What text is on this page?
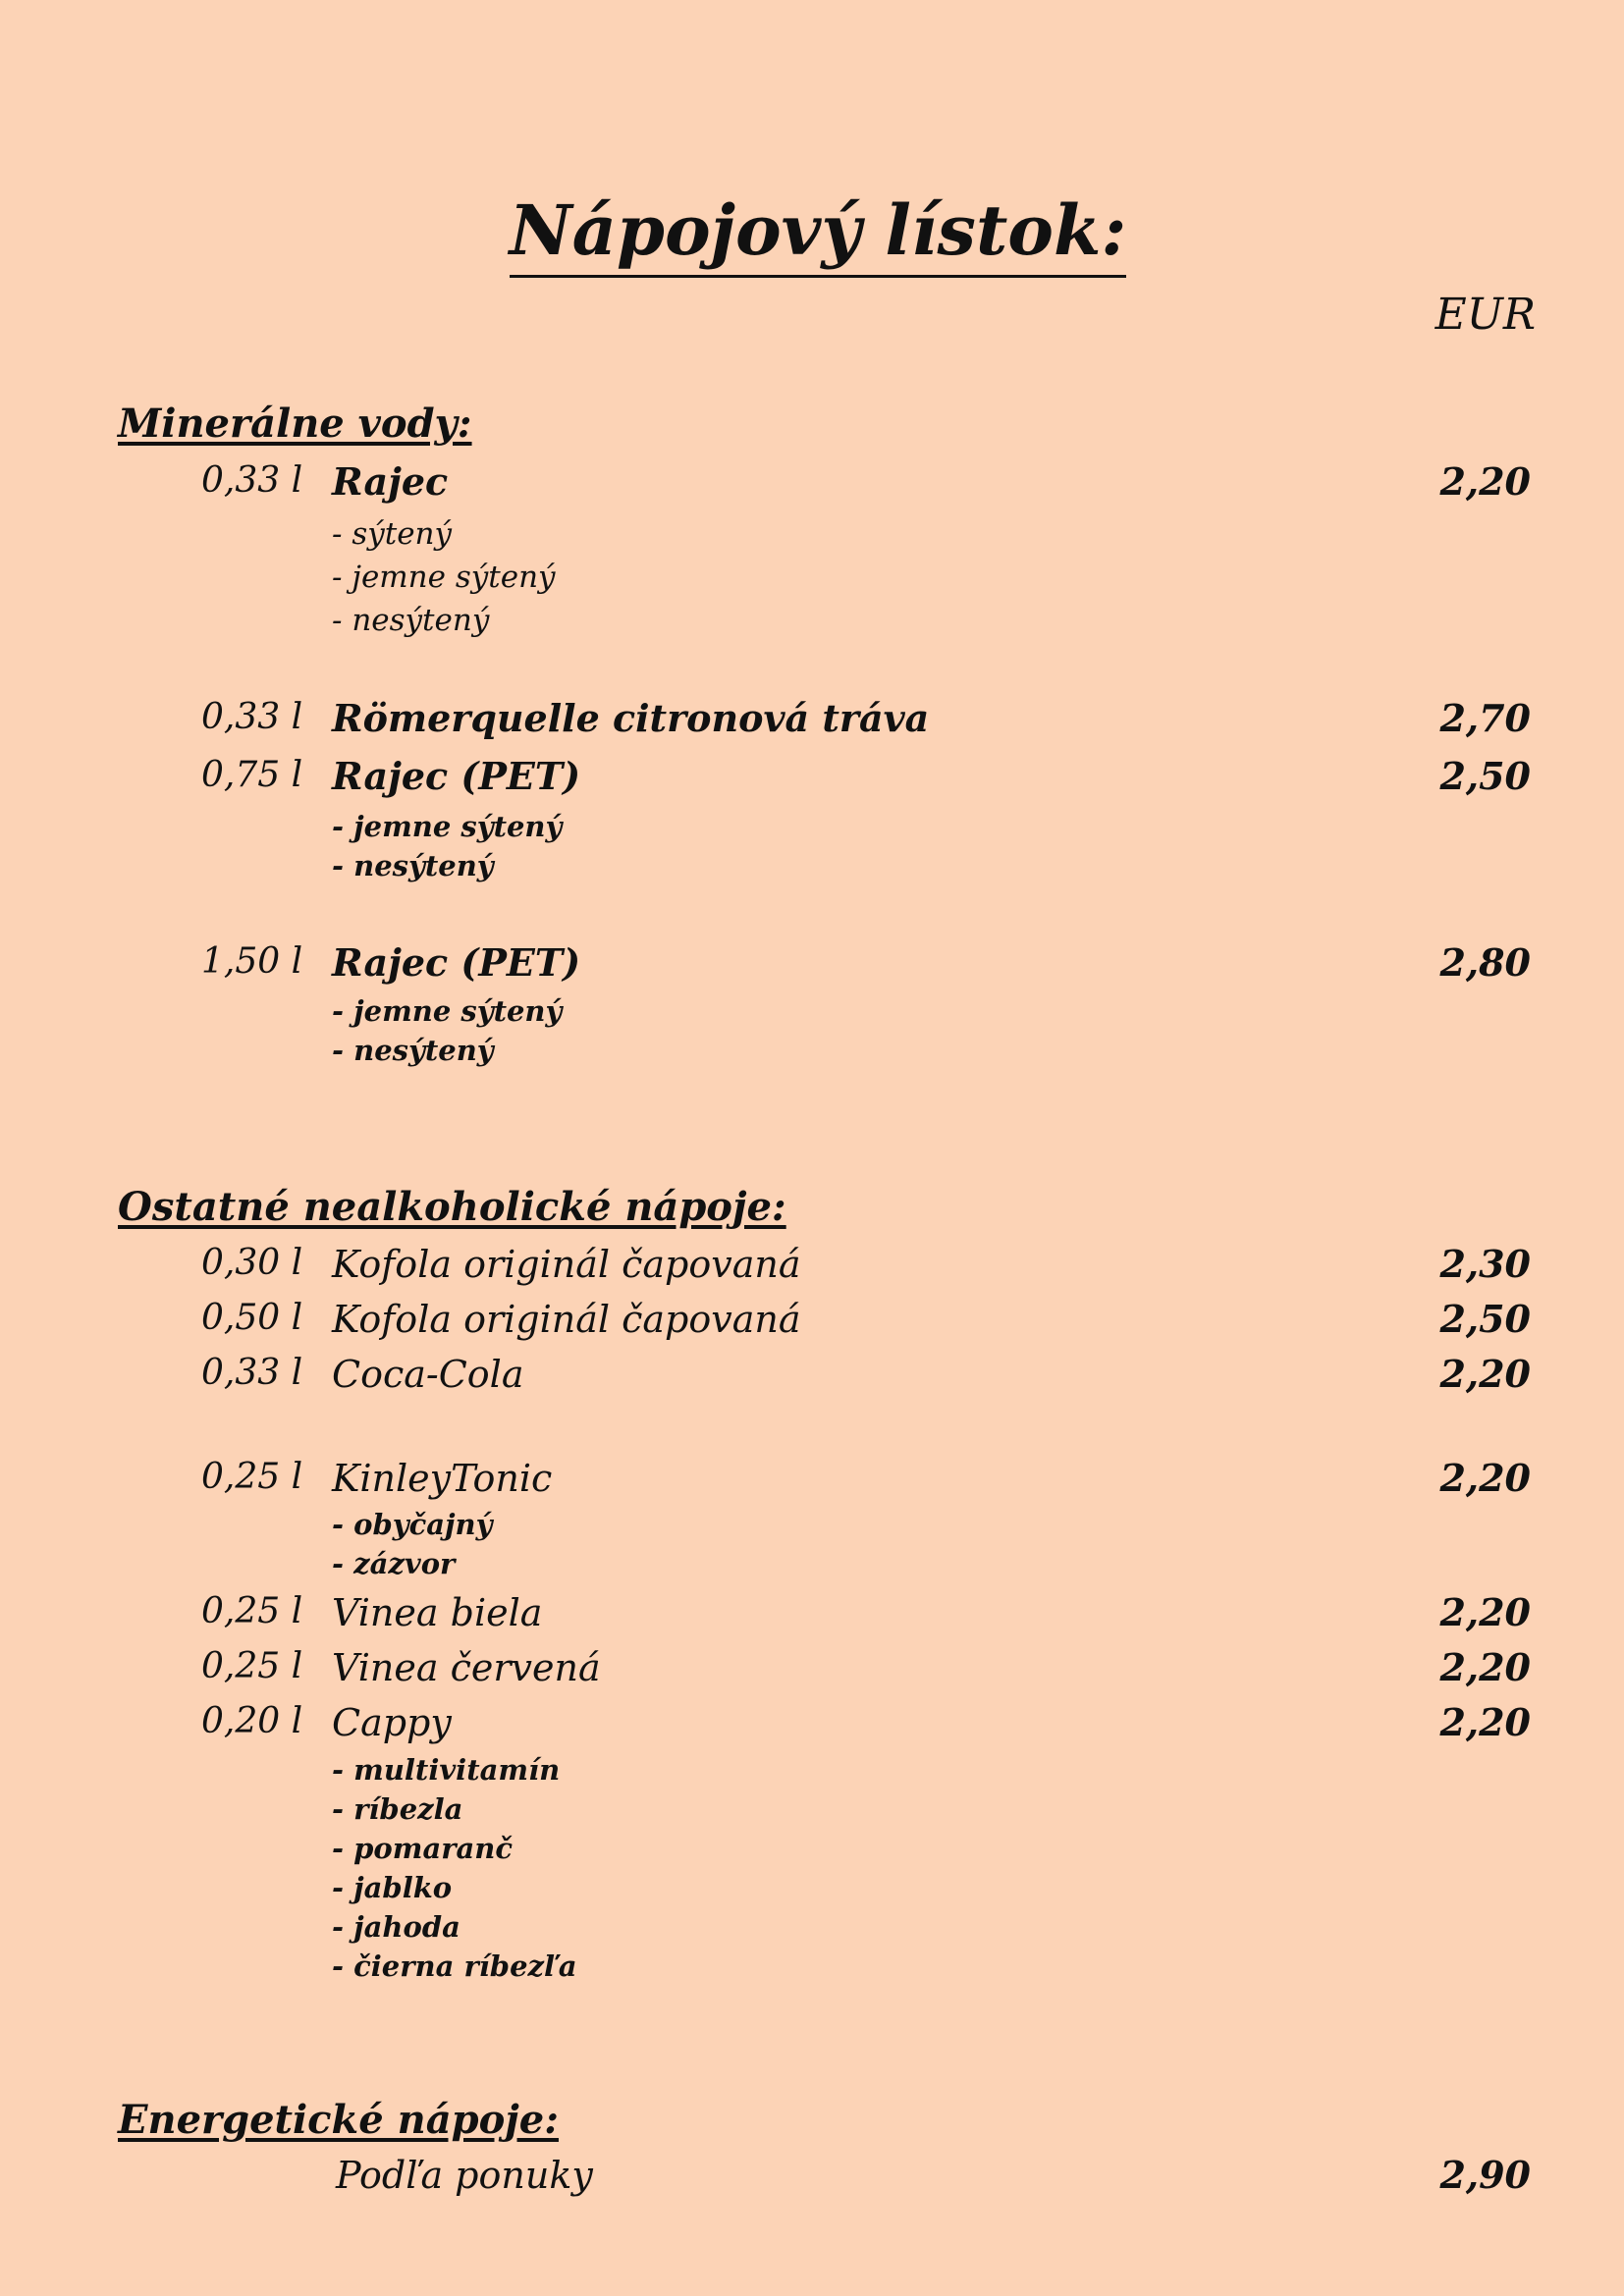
Nápojový lístok:
EUR
Minerálne vody:
0,33 l Rajec	2,20
- sýtený
- jemne sýtený
- nesýtený
0,33 l Römerquelle citronová tráva	2,70
0,75 l Rajec (PET)	2,50
- jemne sýtený
- nesýtený
1,50 l Rajec (PET)	2,80
- jemne sýtený
- nesýtený
Ostatné nealkoholické nápoje:
0,30 l Kofola originál čapovaná	2,30
0,50 l Kofola originál čapovaná	2,50
0,33 l Coca-Cola	2,20
0,25 l KinleyTonic	2,20
- obyčajný
- zázvor
0,25 l Vinea biela	2,20
0,25 l Vinea červená	2,20
0,20 l Cappy	2,20
- multivitamín
- ríbezla
- pomaranč
- jablko
- jahoda
- čierna ríbezľa
Energetické nápoje:
Podľa ponuky	2,90
